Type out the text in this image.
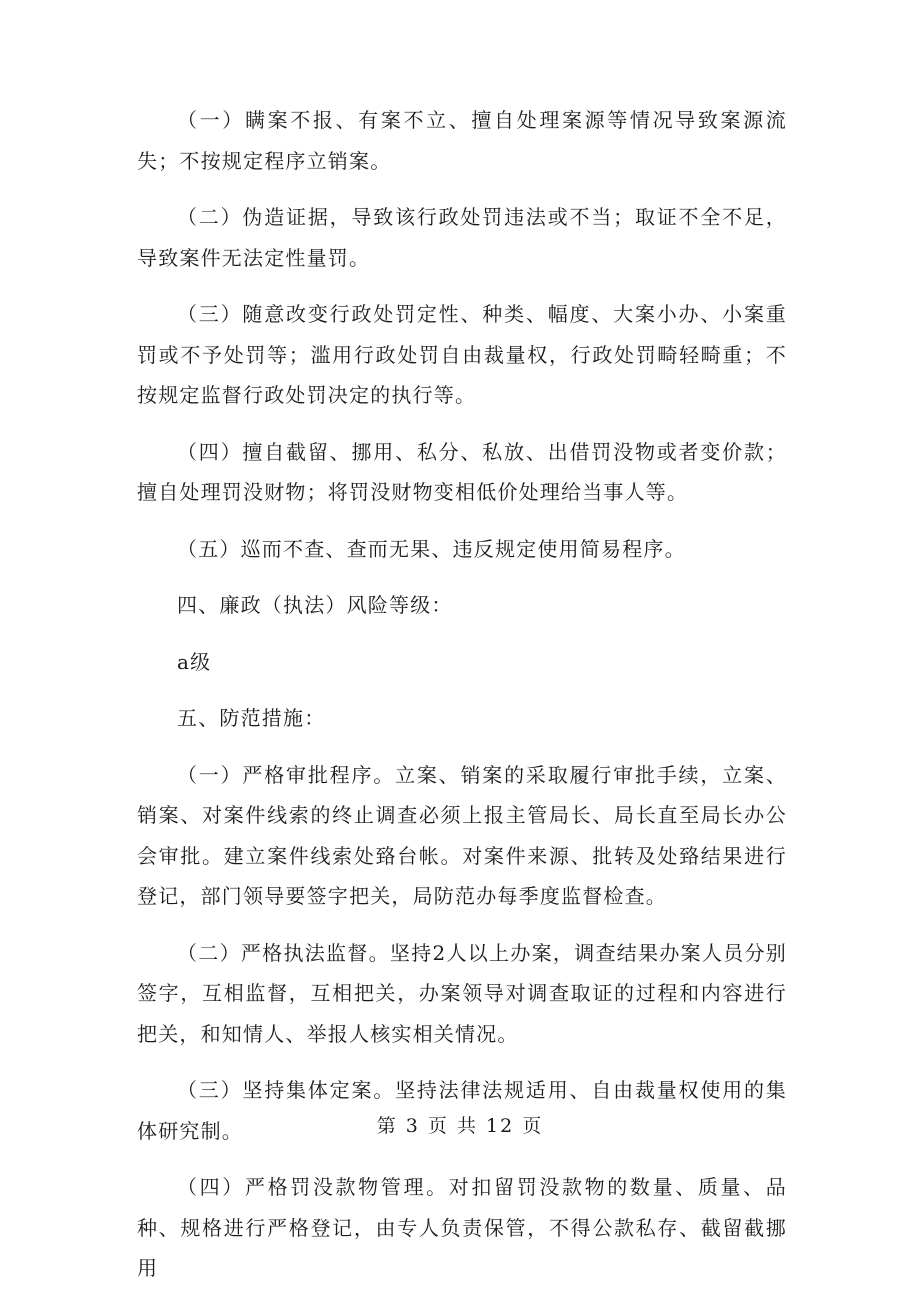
（一）瞒案不报、有案不立、擅自处理案源等情况导致案源流失；不按规定程序立销案。

（二）伪造证据，导致该行政处罚违法或不当；取证不全不足，导致案件无法定性量罚。

（三）随意改变行政处罚定性、种类、幅度、大案小办、小案重罚或不予处罚等；滥用行政处罚自由裁量权，行政处罚畸轻畸重；不按规定监督行政处罚决定的执行等。

（四）擅自截留、挪用、私分、私放、出借罚没物或者变价款；擅自处理罚没财物；将罚没财物变相低价处理给当事人等。

（五）巡而不查、查而无果、违反规定使用简易程序。

四、廉政（执法）风险等级：

a级

五、防范措施：

（一）严格审批程序。立案、销案的采取履行审批手续，立案、销案、对案件线索的终止调查必须上报主管局长、局长直至局长办公会审批。建立案件线索处臵台帐。对案件来源、批转及处臵结果进行登记，部门领导要签字把关，局防范办每季度监督检查。

（二）严格执法监督。坚持2人以上办案，调查结果办案人员分别签字，互相监督，互相把关，办案领导对调查取证的过程和内容进行把关，和知情人、举报人核实相关情况。

（三）坚持集体定案。坚持法律法规适用、自由裁量权使用的集体研究制。

（四）严格罚没款物管理。对扣留罚没款物的数量、质量、品种、规格进行严格登记，由专人负责保管，不得公款私存、截留截挪用

第 3 页 共 12 页
